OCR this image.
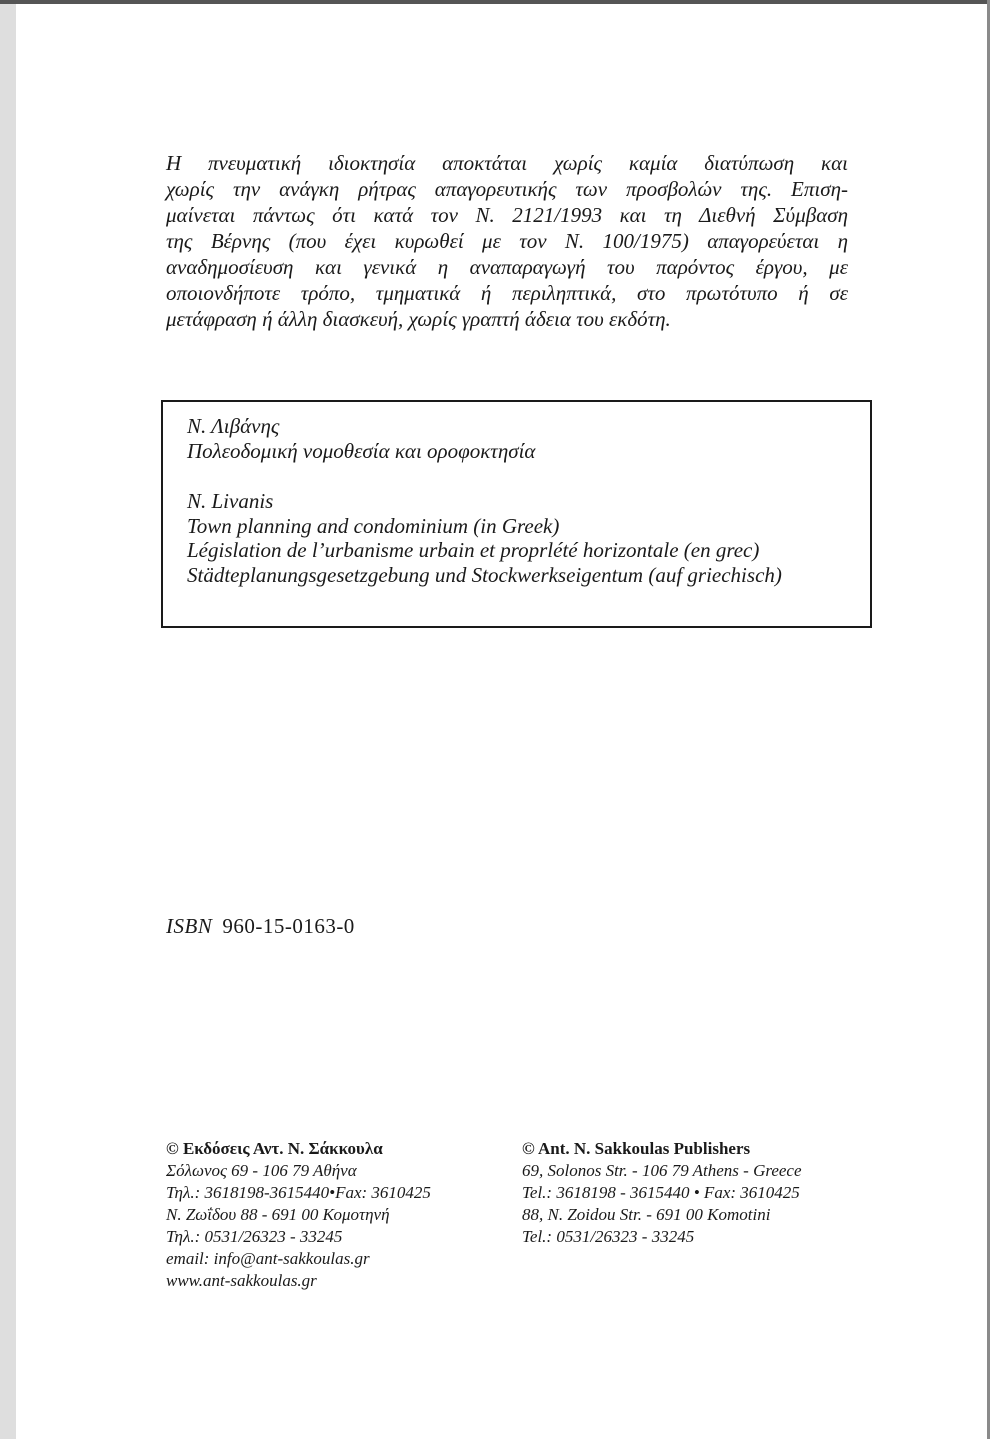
Η πνευματική ιδιοκτησία αποκτάται χωρίς καμία διατύπωση και
χωρίς την ανάγκη ρήτρας απαγορευτικής των προσβολών της. Επιση-
μαίνεται πάντως ότι κατά τον Ν. 2121/1993 και τη Διεθνή Σύμβαση
της Βέρνης (που έχει κυρωθεί με τον Ν. 100/1975) απαγορεύεται η
αναδημοσίευση και γενικά η αναπαραγωγή του παρόντος έργου, με
οποιονδήποτε τρόπο, τμηματικά ή περιληπτικά, στο πρωτότυπο ή σε
μετάφραση ή άλλη διασκευή, χωρίς γραπτή άδεια του εκδότη.
Ν. Λιβάνης
Πολεοδομική νομοθεσία και οροφοκτησία
N. Livanis
Town planning and condominium (in Greek)
Législation de l’urbanisme urbain et proprlété horizontale (en grec)
Städteplanungsgesetzgebung und Stockwerkseigentum (auf griechisch)
ISBN 960-15-0163-0
© Εκδόσεις Αντ. Ν. Σάκκουλα
Σόλωνος 69 - 106 79 Αθήνα
Τηλ.: 3618198-3615440•Fax: 3610425
Ν. Ζωΐδου 88 - 691 00 Κομοτηνή
Τηλ.: 0531/26323 - 33245
email: info@ant-sakkoulas.gr
www.ant-sakkoulas.gr
© Ant. N. Sakkoulas Publishers
69, Solonos Str. - 106 79 Athens - Greece
Tel.: 3618198 - 3615440 • Fax: 3610425
88, N. Zoidou Str. - 691 00 Komotini
Tel.: 0531/26323 - 33245
